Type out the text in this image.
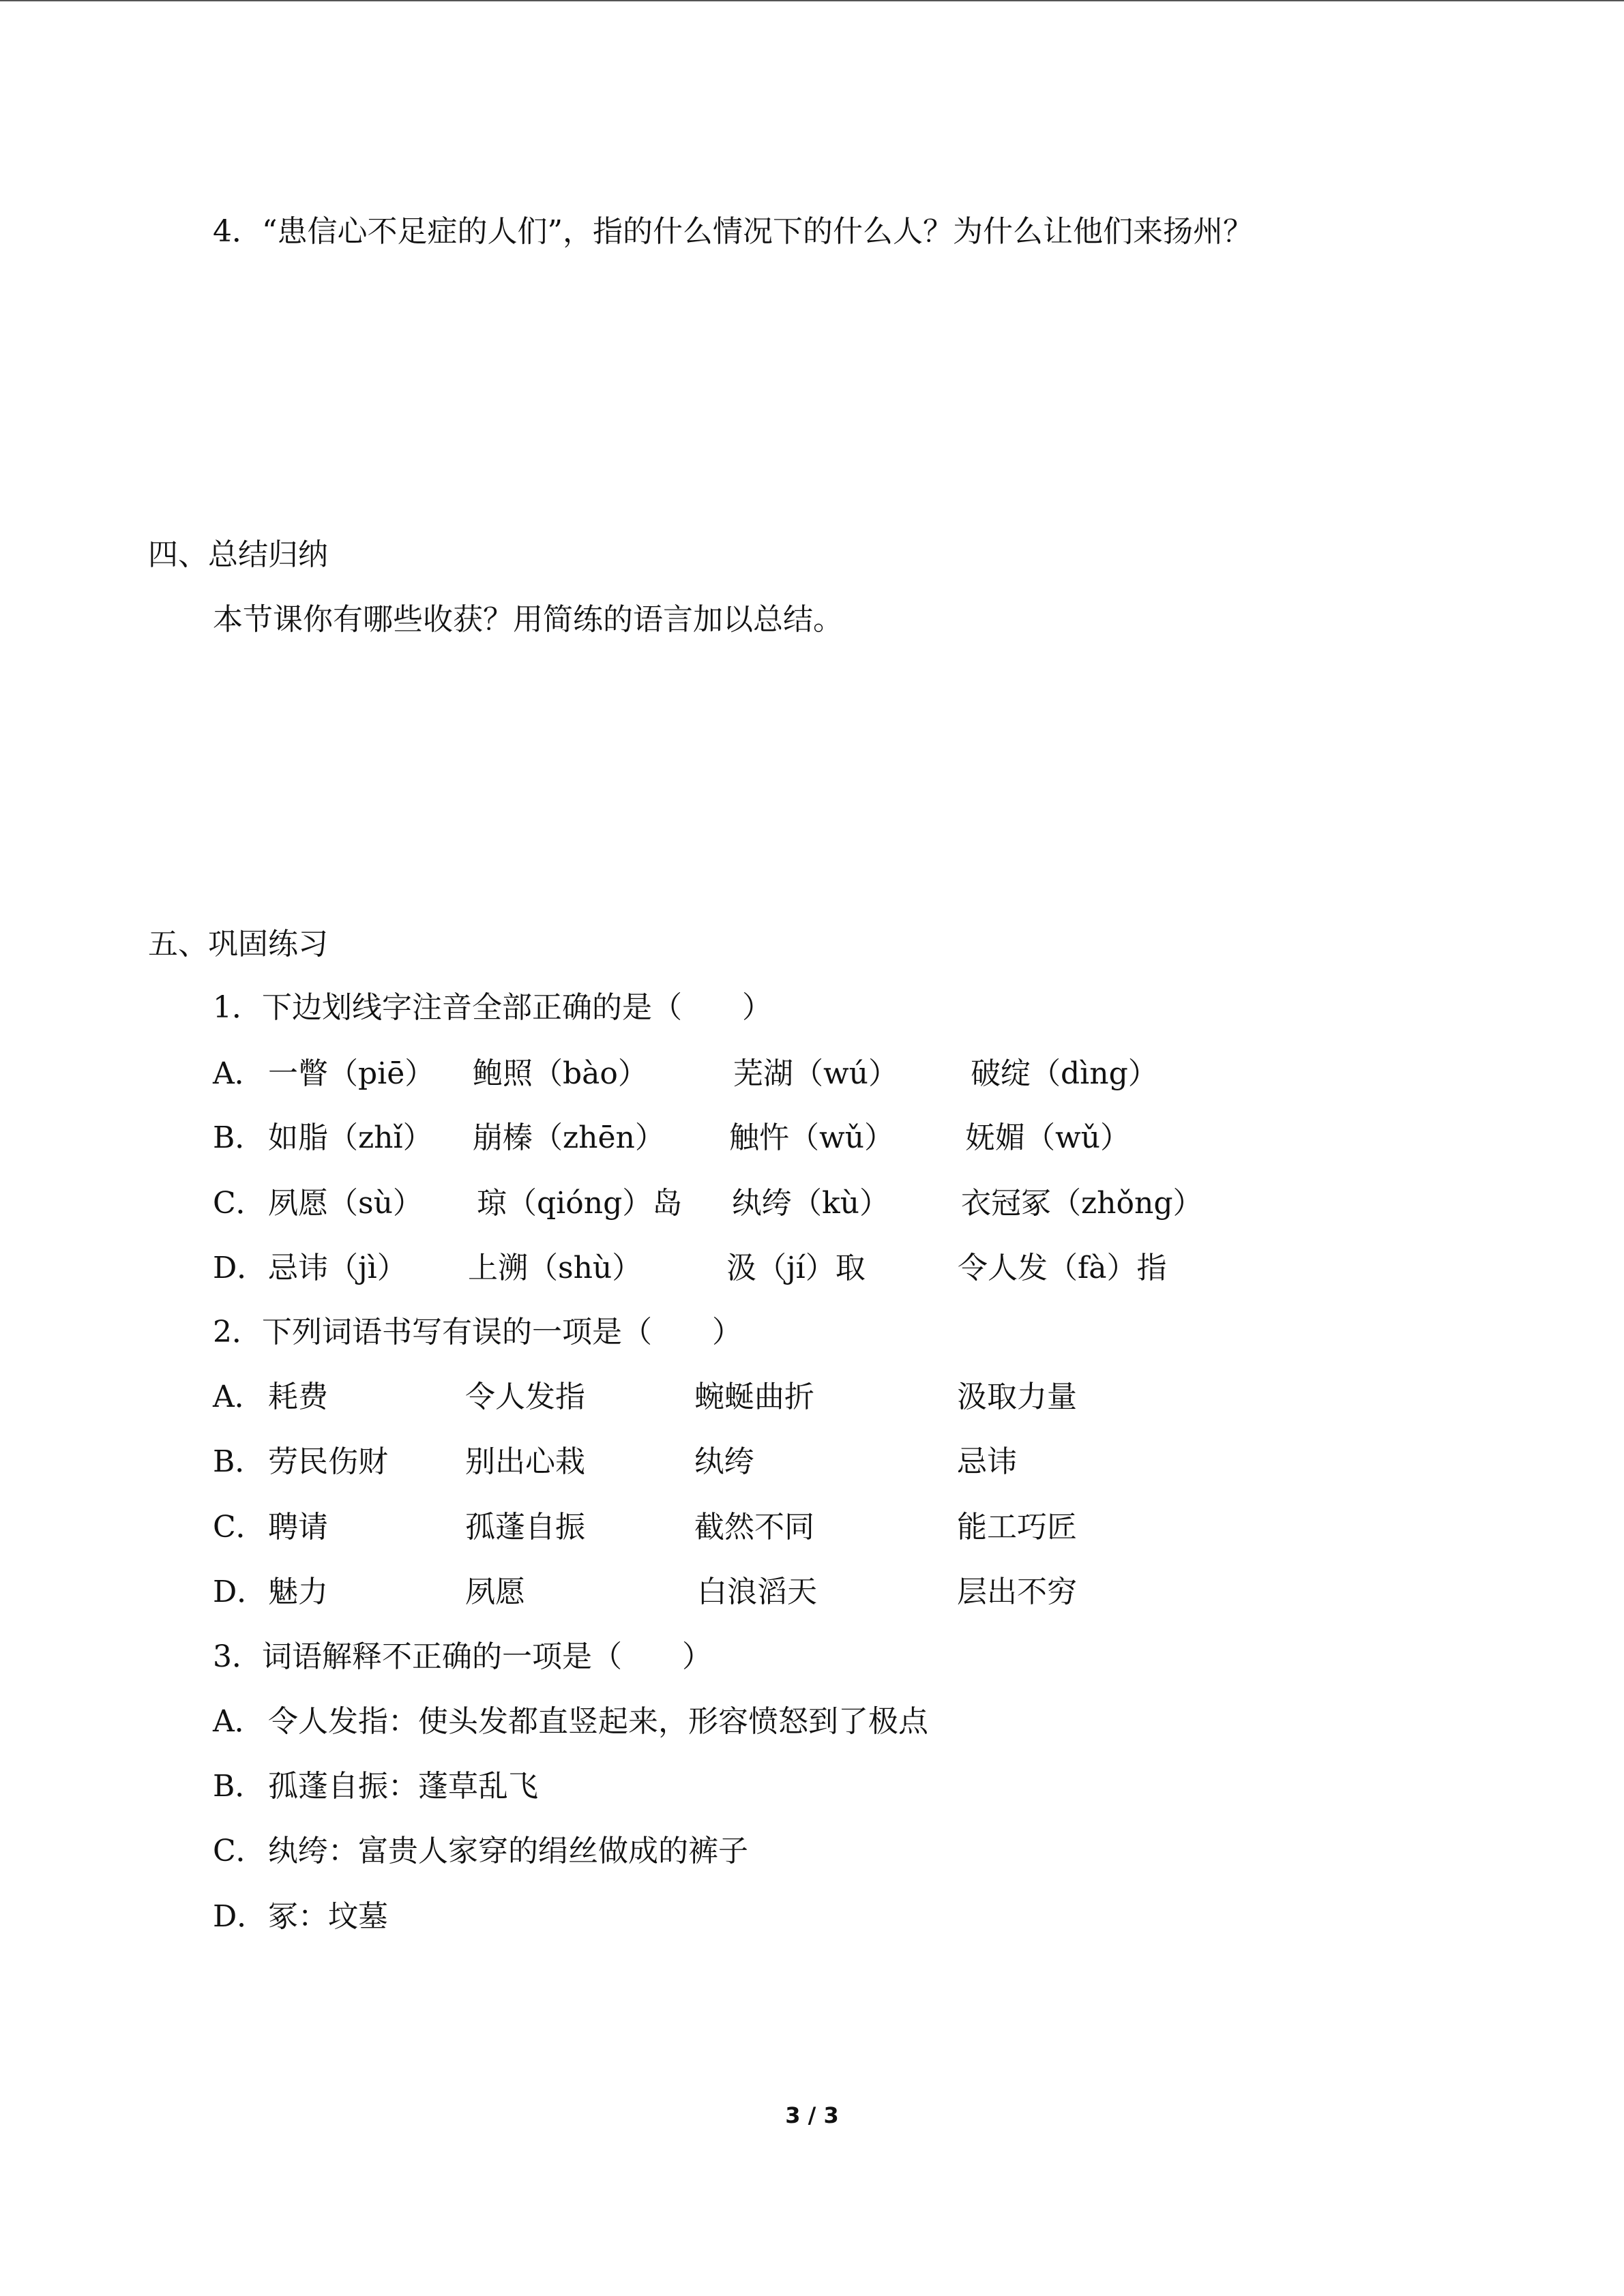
4．“患信心不足症的人们”，指的什么情况下的什么人？为什么让他们来扬州？
四、总结归纳
本节课你有哪些收获？用简练的语言加以总结。
五、巩固练习
1．下边划线字注音全部正确的是（　　）
A． 一瞥（piē） 鲍照（bào）	芜湖（wú） 破绽（dìng）
B． 如脂（zhǐ） 崩榛（zhēn） 触忤（wǔ） 妩媚（wǔ）
C． 夙愿（sù） 琼（qióng）岛 纨绔（kù） 衣冠冢（zhǒng）
D． 忌讳（jì） 上溯（shù）	汲（jí）取	令人发（fà）指
2．下列词语书写有误的一项是（　　）
A． 耗费	令人发指	蜿蜒曲折	汲取力量
B． 劳民伤财	别出心栽	纨绔	忌讳
C． 聘请	孤蓬自振	截然不同	能工巧匠
D． 魅力	夙愿	白浪滔天	层出不穷
3．词语解释不正确的一项是（　　）
A． 令人发指：使头发都直竖起来，形容愤怒到了极点
B． 孤蓬自振：蓬草乱飞
C． 纨绔：富贵人家穿的绢丝做成的裤子
D． 冢：坟墓
3 / 3
